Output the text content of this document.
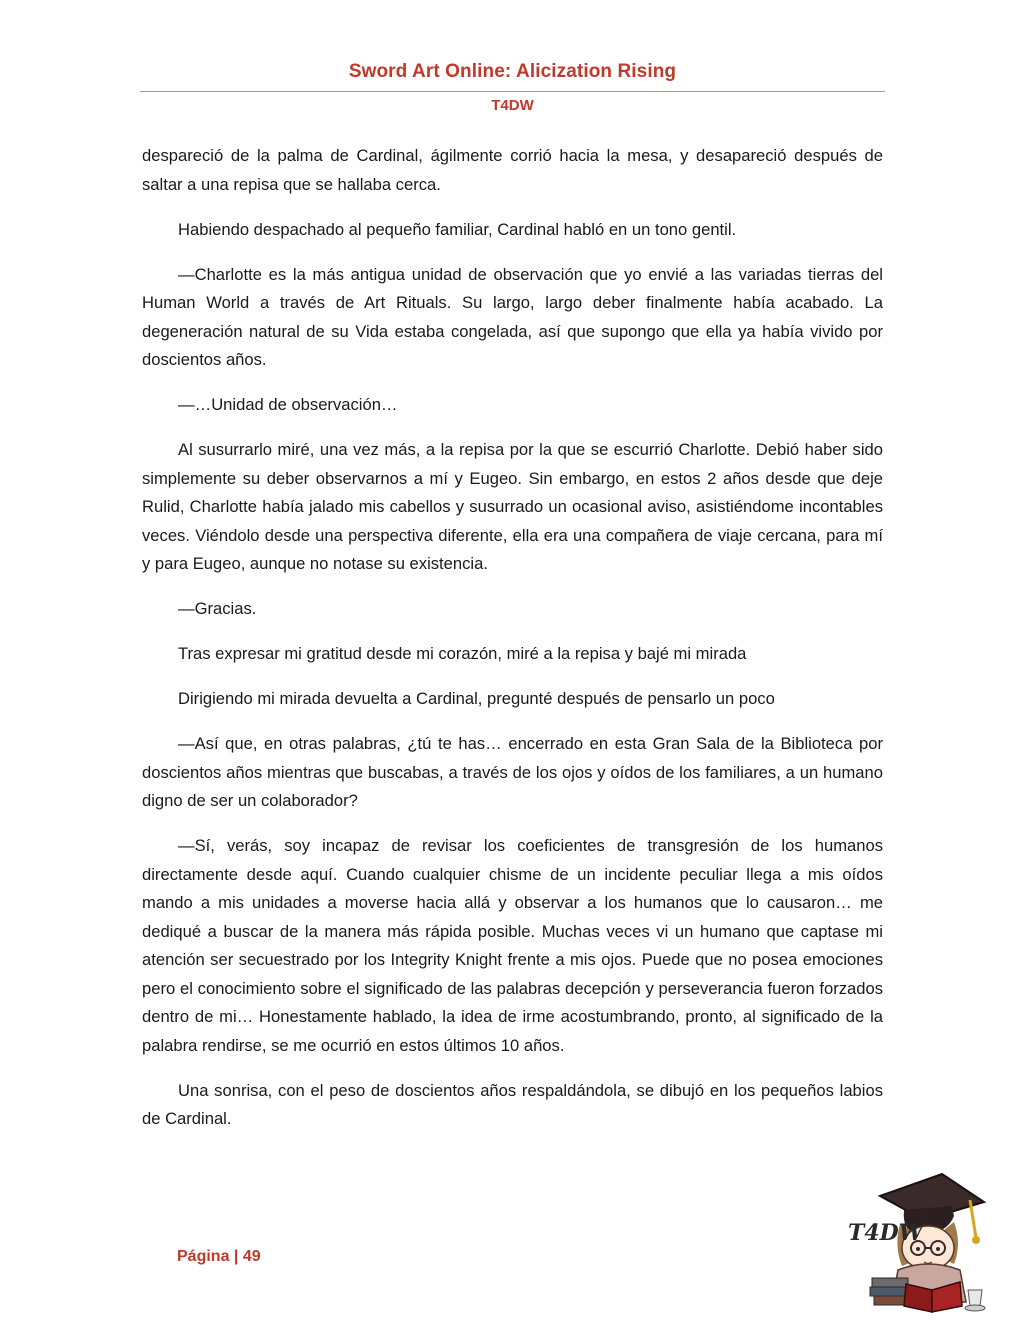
Sword Art Online: Alicization Rising
T4DW

despareció de la palma de Cardinal, ágilmente corrió hacia la mesa, y desapareció después de saltar a una repisa que se hallaba cerca.

Habiendo despachado al pequeño familiar, Cardinal habló en un tono gentil.

—Charlotte es la más antigua unidad de observación que yo envié a las variadas tierras del Human World a través de Art Rituals. Su largo, largo deber finalmente había acabado. La degeneración natural de su Vida estaba congelada, así que supongo que ella ya había vivido por doscientos años.

—…Unidad de observación…

Al susurrarlo miré, una vez más, a la repisa por la que se escurrió Charlotte. Debió haber sido simplemente su deber observarnos a mí y Eugeo. Sin embargo, en estos 2 años desde que deje Rulid, Charlotte había jalado mis cabellos y susurrado un ocasional aviso, asistiéndome incontables veces. Viéndolo desde una perspectiva diferente, ella era una compañera de viaje cercana, para mí y para Eugeo, aunque no notase su existencia.

—Gracias.

Tras expresar mi gratitud desde mi corazón, miré a la repisa y bajé mi mirada

Dirigiendo mi mirada devuelta a Cardinal, pregunté después de pensarlo un poco

—Así que, en otras palabras, ¿tú te has… encerrado en esta Gran Sala de la Biblioteca por doscientos años mientras que buscabas, a través de los ojos y oídos de los familiares, a un humano digno de ser un colaborador?

—Sí, verás, soy incapaz de revisar los coeficientes de transgresión de los humanos directamente desde aquí. Cuando cualquier chisme de un incidente peculiar llega a mis oídos mando a mis unidades a moverse hacia allá y observar a los humanos que lo causaron… me dediqué a buscar de la manera más rápida posible. Muchas veces vi un humano que captase mi atención ser secuestrado por los Integrity Knight frente a mis ojos. Puede que no posea emociones pero el conocimiento sobre el significado de las palabras decepción y perseverancia fueron forzados dentro de mi… Honestamente hablado, la idea de irme acostumbrando, pronto, al significado de la palabra rendirse, se me ocurrió en estos últimos 10 años.

Una sonrisa, con el peso de doscientos años respaldándola, se dibujó en los pequeños labios de Cardinal.

Página | 49
T4DW
